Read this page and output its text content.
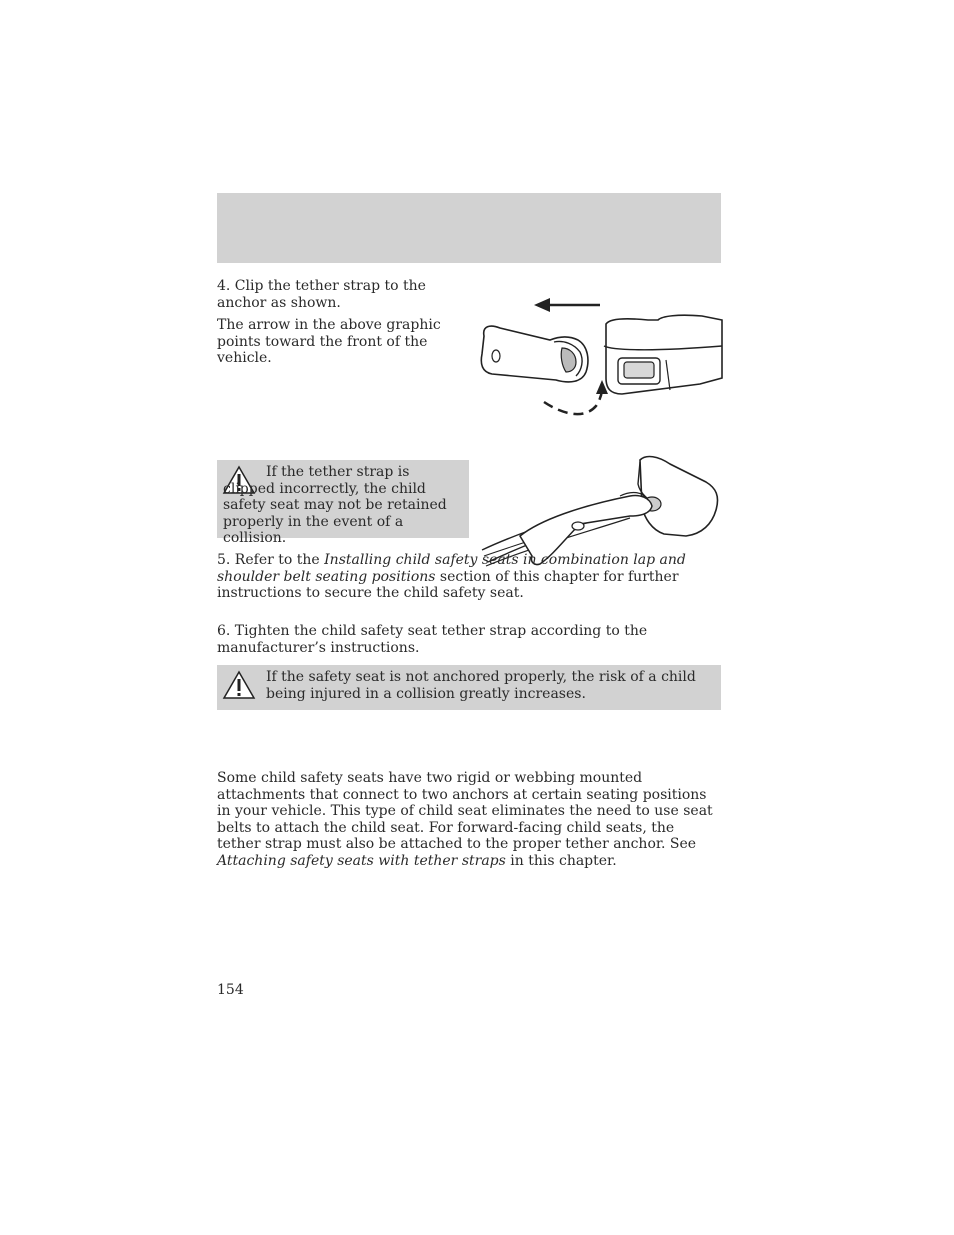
4. Clip the tether strap to the anchor as shown.

The arrow in the above graphic points toward the front of the vehicle.

If the tether strap is clipped incorrectly, the child safety seat may not be retained properly in the event of a collision.

5. Refer to the Installing child safety seats in combination lap and shoulder belt seating positions section of this chapter for further instructions to secure the child safety seat.

6. Tighten the child safety seat tether strap according to the manufacturer’s instructions.

If the safety seat is not anchored properly, the risk of a child being injured in a collision greatly increases.

Some child safety seats have two rigid or webbing mounted attachments that connect to two anchors at certain seating positions in your vehicle. This type of child seat eliminates the need to use seat belts to attach the child seat. For forward-facing child seats, the tether strap must also be attached to the proper tether anchor. See Attaching safety seats with tether straps in this chapter.

154
